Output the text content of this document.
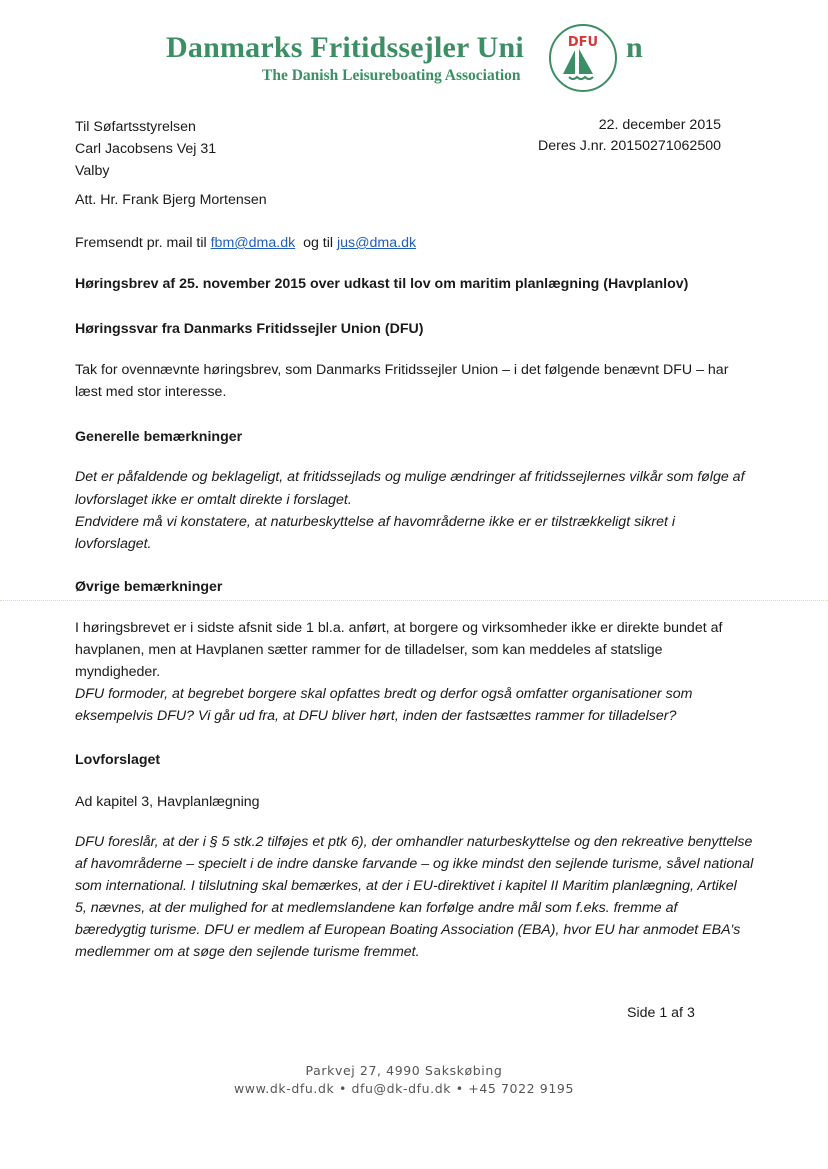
Danmarks Fritidssejler Uni	DFU n
The Danish Leisureboating Association
Til Søfartsstyrelsen
Carl Jacobsens Vej 31
Valby
Att. Hr. Frank Bjerg Mortensen
22. december 2015
Deres J.nr. 20150271062500
Fremsendt pr. mail til fbm@dma.dk  og til jus@dma.dk
Høringsbrev af 25. november 2015 over udkast til lov om maritim planlægning (Havplanlov)
Høringssvar fra Danmarks Fritidssejler Union (DFU)
Tak for ovennævnte høringsbrev, som Danmarks Fritidssejler Union – i det følgende benævnt DFU – har
læst med stor interesse.
Generelle bemærkninger
Det er påfaldende og beklageligt, at fritidssejlads og mulige ændringer af fritidssejlernes vilkår som følge af
lovforslaget ikke er omtalt direkte i forslaget.
Endvidere må vi konstatere, at naturbeskyttelse af havområderne ikke er er tilstrækkeligt sikret i
lovforslaget.
Øvrige bemærkninger
I høringsbrevet er i sidste afsnit side 1 bl.a. anført, at borgere og virksomheder ikke er direkte bundet af
havplanen, men at Havplanen sætter rammer for de tilladelser, som kan meddeles af statslige
myndigheder.
DFU formoder, at begrebet borgere skal opfattes bredt og derfor også omfatter organisationer som
eksempelvis DFU? Vi går ud fra, at DFU bliver hørt, inden der fastsættes rammer for tilladelser?
Lovforslaget
Ad kapitel 3, Havplanlægning
DFU foreslår, at der i § 5 stk.2 tilføjes et ptk 6), der omhandler naturbeskyttelse og den rekreative benyttelse
af havområderne – specielt i de indre danske farvande – og ikke mindst den sejlende turisme, såvel national
som international. I tilslutning skal bemærkes, at der i EU-direktivet i kapitel II Maritim planlægning, Artikel
5, nævnes, at der mulighed for at medlemslandene kan forfølge andre mål som f.eks. fremme af
bæredygtig turisme. DFU er medlem af European Boating Association (EBA), hvor EU har anmodet EBA's
medlemmer om at søge den sejlende turisme fremmet.
Side 1 af 3
Parkvej 27, 4990 Sakskøbing
www.dk-dfu.dk • dfu@dk-dfu.dk • +45 7022 9195
